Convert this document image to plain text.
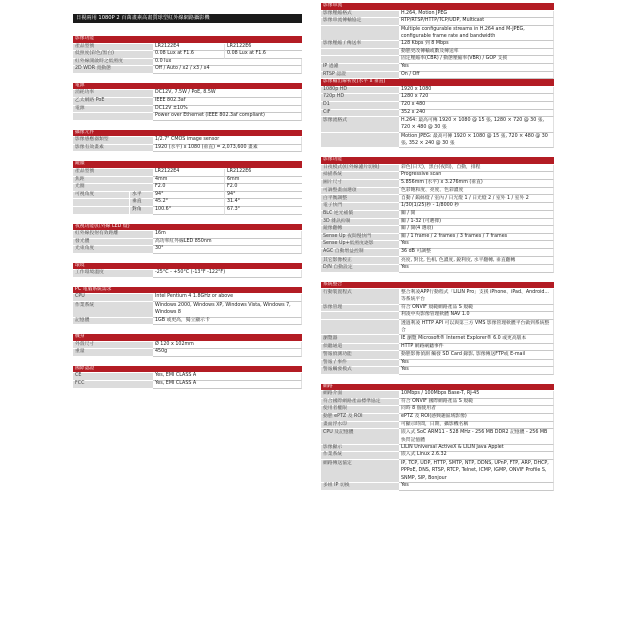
日視兩用 1080P 2 百萬畫素高畫質球型紅外線網路攝影機
影像功能
產品型號	LR2122E4	LR2122E6
低照度(彩色/黑白)	0.08 Lux at F1.6	0.08 Lux at F1.6
紅外線開啟時之低照度	0.0 lux
2D WDR 寬動態	Off / Auto / x2 / x3 / x4
電源
消耗功率	DC12V, 7.5W / PoE, 8.5W
乙太網路 PoE	IEEE 802.3af
電源	DC12V ±10%
Power over Ethernet (IEEE 802.3af compliant)
攝像元件
影像感應器類型	1/2.7" CMOS image sensor
影像有效畫素	1920 (水平) x 1080 (垂直) = 2,073,600 畫素
鏡頭
產品型號	LR2122E4	LR2122E6
焦距	4mm	6mm
光圈	F2.0	F2.0
可視角度	水平	94°	94°
垂直	45.2°	31.4°
對角	100.6°	67.3°
夜視功能(紅外線 LED 燈)
紅外線投射有效距離	16m
發光體	高功率紅外線LED 850nm
光束角度	30°
環境
工作環境溫度	-25°C - +50°C (-13°F -122°F)
PC 電腦系統需求
CPU	Intel Pentium 4 1.8GHz or above
作業系統	Windows 2000, Windows XP, Windows Vista, Windows 7, Windows 8
記憶體	1GB 或更高，獨立顯示卡
機身
外殼尺寸	Ø 120 x 102mm
重量	450g
國際認證
CE	Yes, EMI CLASS A
FCC	Yes, EMI CLASS A
影像串流
影像壓縮格式	H.264, Motion JPEG
影像串流傳輸協定	RTP/RTSP/HTTP/TCP/UDP, Multicast
Multiple configurable streams in H.264 and M-JPEG, configurable frame rate and bandwidth
影像壓縮 / 傳送率	128 Kbps 到 8 Mbps
動態更改傳輸或數及傳送率
固定壓縮率(CBR) / 動態壓縮率(VBR) / GOP 支援
IP 過濾	Yes
RTSP 認證	On / Off
影像輸出解析度(水平 x 垂直)
1080p HD	1920 x 1080
720p HD	1280 x 720
D1	720 x 480
CIF	352 x 240
影像流格式	H.264: 最高可傳 1920 × 1080 @ 15 張, 1280 × 720 @ 30 張, 720 × 480 @ 30 張
Motion JPEG: 最高可傳 1920 × 1080 @ 15 張, 720 × 480 @ 30 張, 352 × 240 @ 30 張
影像功能
日夜模式(紅外線濾片切換)	彩色(日天)，黑白(夜間)，自動，排程
掃描系統	Progressive scan
圖片尺寸	5.856mm (水平) x 3.276mm (垂直)
可調整畫面選項	色彩飽和度、亮度、色彩濃度
白平衡調整	自動 / 鎢絲燈 / 室內 / 日光燈 1 / 日光燈 2 / 室外 1 / 室外 2
電子快門	1/30(1/25)秒 - 1/8000 秒
BLC 逆光補償	關 / 開
3D 雜訊抑制	關 / 1-32 (可選擇)
鏡像翻轉	關 / 開(4 選項)
Sense Up 夜間慢快門	關 / 1 frame / 2 frames / 3 frames / 7 frames
Sense Up+低照度逐影	Yes
AGC 自動增益控制	36 dB 可調整
其它影像校正	亮度, 對比, 色相, 色濃度, 銳利度, 水平翻轉, 垂直翻轉
D/N 自動設定	Yes
系統整合
行動裝置程式	整合利凌APP行動程式「LILIN Pro」支援 iPhone、iPad、Android...等系統平台
影像管理	符合 ONVIF 規範網路產品 S 規範
利凌中央影像管理軟體 NAV 1.0
透過利凌 HTTP API 可以與第三方 VMS 影像管理軟體平台做到系統整合
瀏覽器	IE 瀏覽 Microsoft® Internet Explorer® 6.0 或更高版本
偵聽通道	HTTP 網路刷聽事件
警報偵測功能	動態影像偵測 觸發 SD Card 錄影, 影像傳送FTP或 E-mail
警報 / 事件	Yes
警報觸發模式	Yes
網路
網路介面	10Mbps / 100Mbps Base-T, RJ-45
符合國際網路產品標準協定	符合 ONVIF 國際網路產品 S 規範
使用者權限	同時 8 個使用者
動態 ePTZ 及 ROI	ePTZ 及 ROI(感興趣區域影像)
畫面浮水印	可顯示時間，日期，攝影機名稱
CPU 及記憶體	嵌入式 SoC ARM11 - 528 MHz - 256 MB DDR2 記憶體 - 256 MB 快閃記憶體
影像顯示	LILIN Universal ActiveX & LILIN Java Applet
作業系統	嵌入式 Linux 2.6.32
網路傳送協定	IP, TCP, UDP, HTTP, SMTP, NTP, DDNS, UPnP, FTP, ARP, DHCP, PPPoE, DNS, RTSP, RTCP, Telnet, ICMP, IGMP, ONVIF Profile S, SNMP, SIP, Bonjour
多組 IP 切換	Yes
